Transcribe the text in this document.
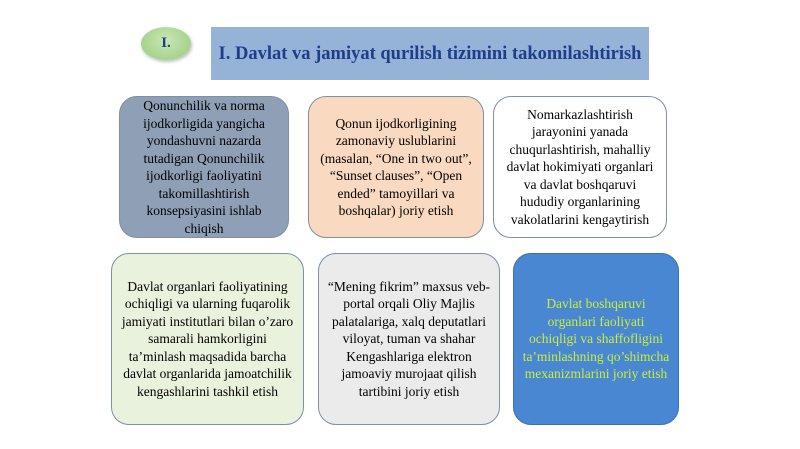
I.
I. Davlat va jamiyat qurilish tizimini takomilashtirish
Qonunchilik va norma ijodkorligida yangicha yondashuvni nazarda tutadigan Qonunchilik ijodkorligi faoliyatini takomillashtirish konsepsiyasini ishlab chiqish
Qonun ijodkorligining zamonaviy uslublarini (masalan, “One in two out”, “Sunset clauses”, “Open ended” tamoyillari va boshqalar) joriy etish
Nomarkazlashtirish jarayonini yanada chuqurlashtirish, mahalliy davlat hokimiyati organlari va davlat boshqaruvi hududiy organlarining vakolatlarini kengaytirish
Davlat organlari faoliyatining ochiqligi va ularning fuqarolik jamiyati institutlari bilan o’zaro samarali hamkorligini ta’minlash maqsadida barcha davlat organlarida jamoatchilik kengashlarini tashkil etish
“Mening fikrim” maxsus veb-portal orqali Oliy Majlis palatalariga, xalq deputatlari viloyat, tuman va shahar Kengashlariga elektron jamoaviy murojaat qilish tartibini joriy etish
Davlat boshqaruvi organlari faoliyati ochiqligi va shaffofligini ta’minlashning qo’shimcha mexanizmlarini joriy etish
